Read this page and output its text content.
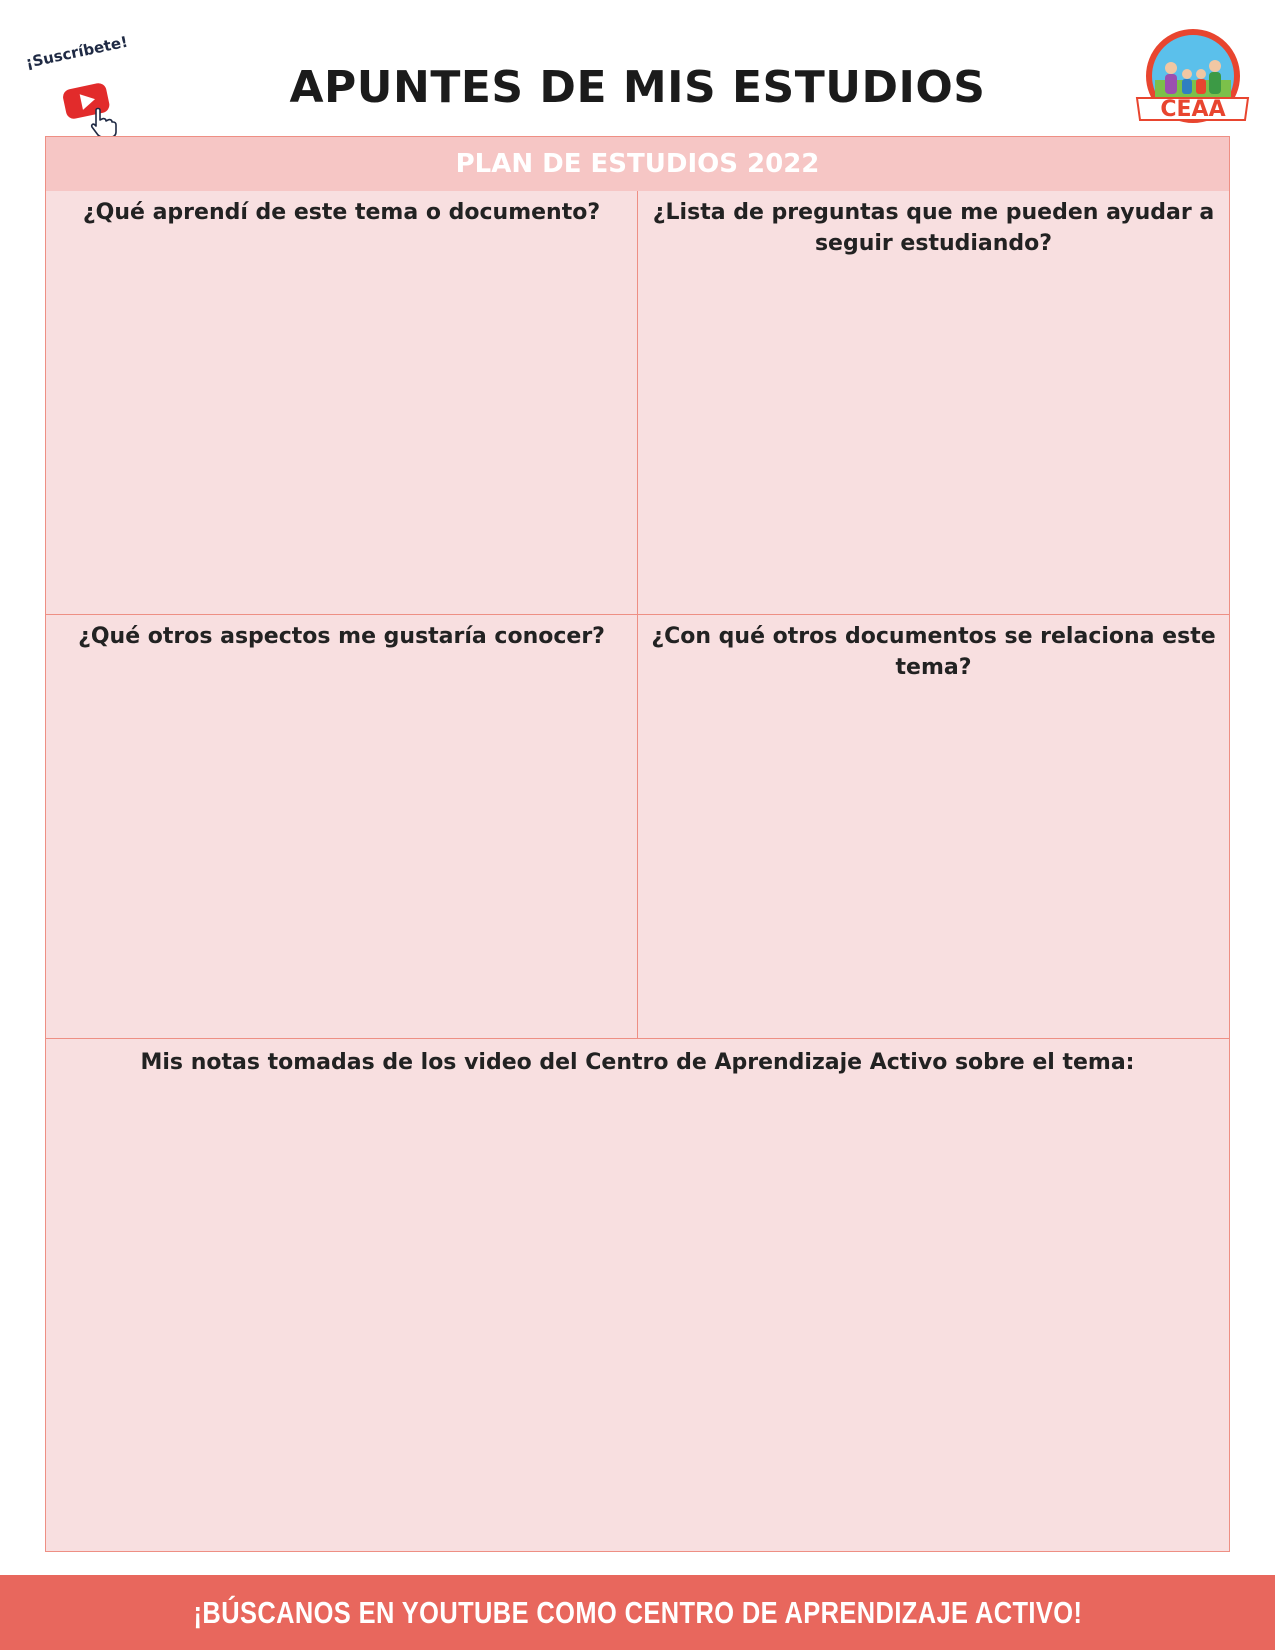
¡Suscríbete!
APUNTES DE MIS ESTUDIOS	CEAA
PLAN DE ESTUDIOS 2022
¿Qué aprendí de este tema o documento?	¿Lista de preguntas que me pueden ayudar a seguir estudiando?
¿Qué otros aspectos me gustaría conocer?	¿Con qué otros documentos se relaciona este tema?
Mis notas tomadas de los video del Centro de Aprendizaje Activo sobre el tema:
¡BÚSCANOS EN YOUTUBE COMO CENTRO DE APRENDIZAJE ACTIVO!
